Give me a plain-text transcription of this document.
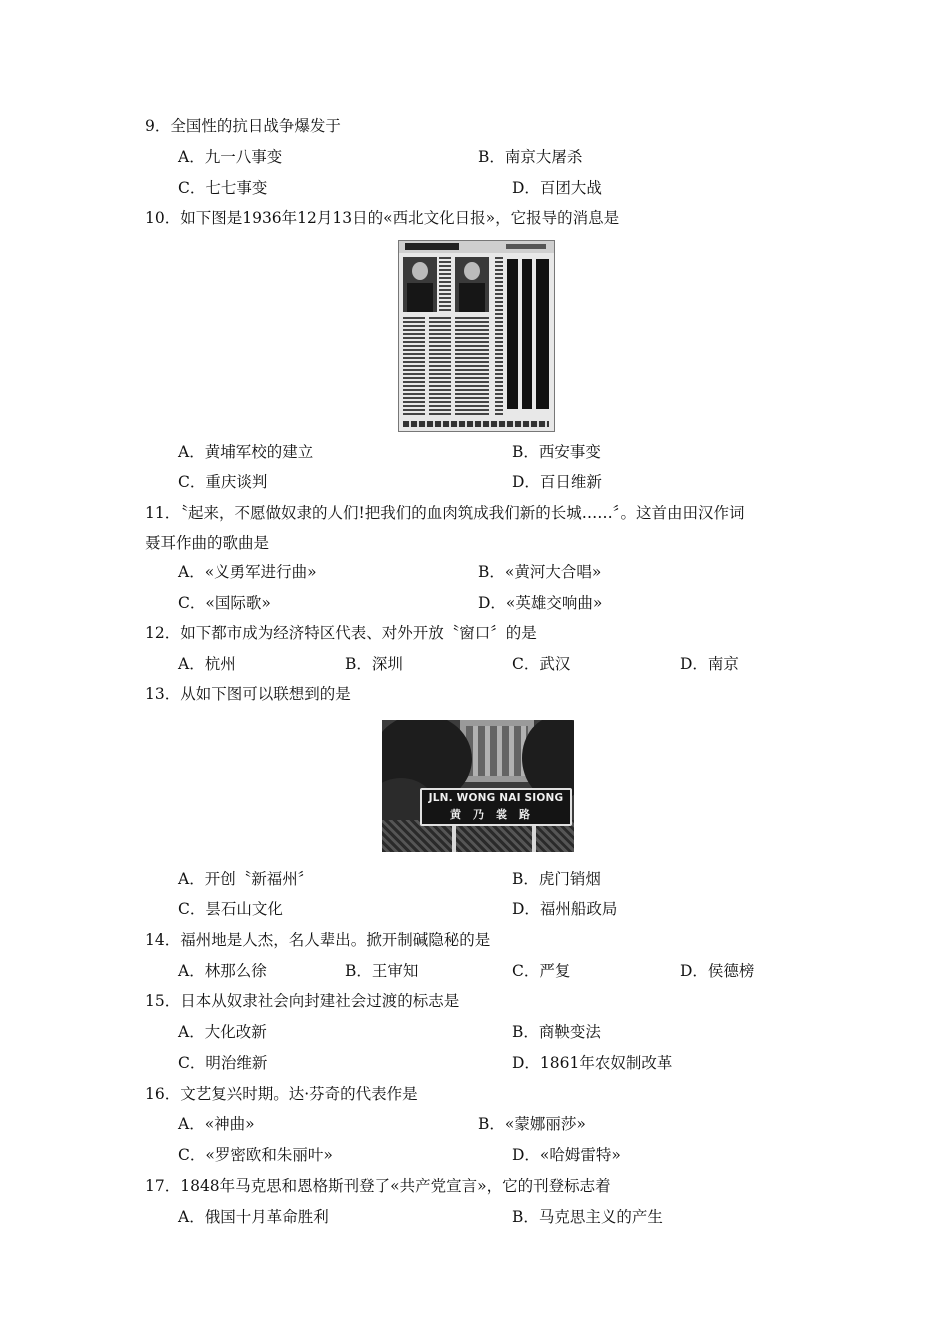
9．全国性的抗日战争爆发于
A．九一八事变	B．南京大屠杀
C．七七事变	D．百团大战
10．如下图是1936年12月13日的«西北文化日报»，它报导的消息是
A．黄埔军校的建立	B．西安事变
C．重庆谈判	D．百日维新
11．〝起来，不愿做奴隶的人们!把我们的血肉筑成我们新的长城……〞。这首由田汉作词
聂耳作曲的歌曲是
A．«义勇军进行曲»	B．«黄河大合唱»
C．«国际歌»	D．«英雄交响曲»
12．如下都市成为经济特区代表、对外开放〝窗口〞的是
A．杭州	B．深圳	C．武汉	D．南京
13．从如下图可以联想到的是
JLN. WONG NAI SIONG
黄乃裳路
A．开创〝新福州〞	B．虎门销烟
C．昙石山文化	D．福州船政局
14．福州地是人杰，名人辈出。掀开制碱隐秘的是
A．林那么徐	B．王审知	C．严复	D．侯德榜
15．日本从奴隶社会向封建社会过渡的标志是
A．大化改新	B．商鞅变法
C．明治维新	D．1861年农奴制改革
16．文艺复兴时期。达·芬奇的代表作是
A．«神曲»	B．«蒙娜丽莎»
C．«罗密欧和朱丽叶»	D．«哈姆雷特»
17．1848年马克思和恩格斯刊登了«共产党宣言»，它的刊登标志着
A．俄国十月革命胜利	B．马克思主义的产生
